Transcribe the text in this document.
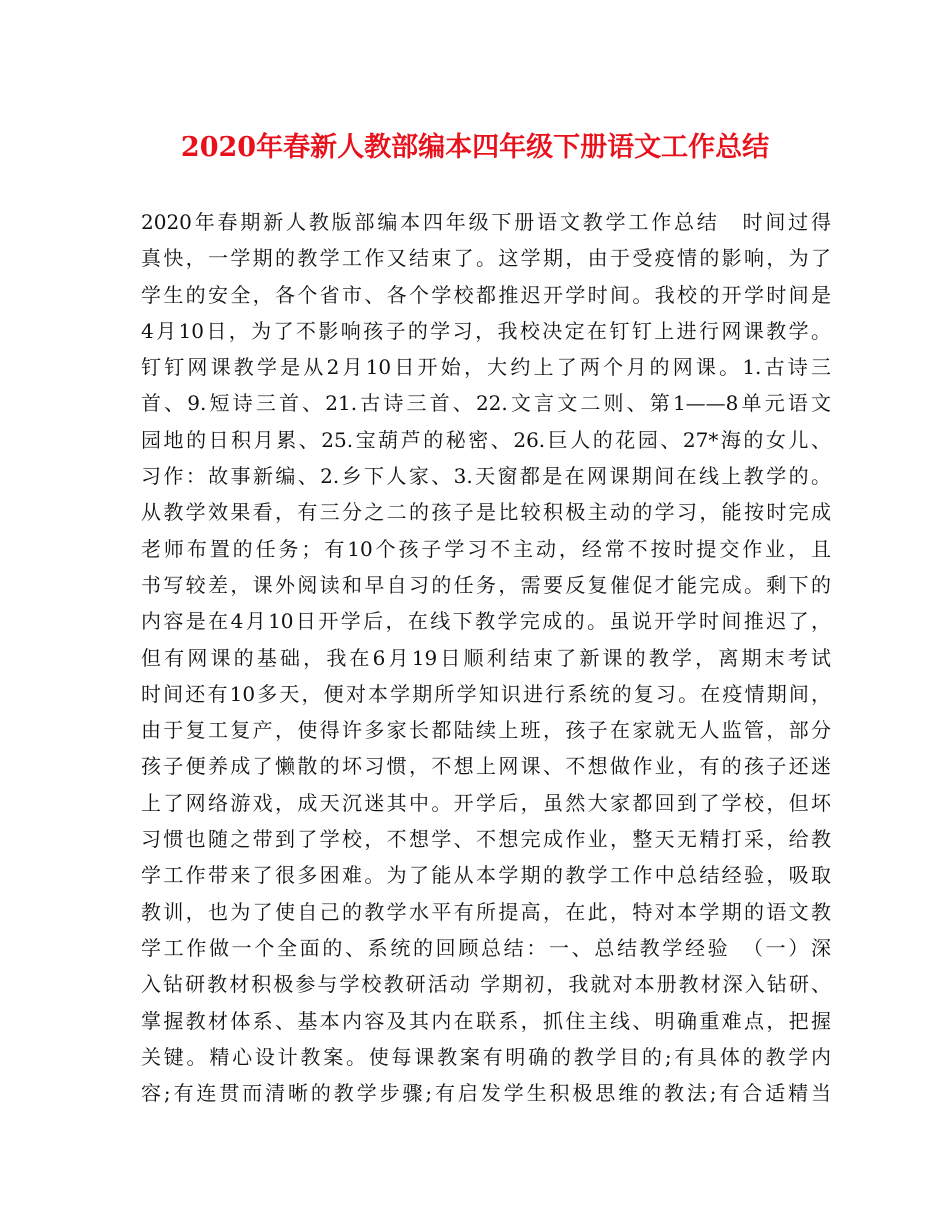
2020年春新人教部编本四年级下册语文工作总结
2020年春期新人教版部编本四年级下册语文教学工作总结　时间过得
真快，一学期的教学工作又结束了。这学期，由于受疫情的影响，为了
学生的安全，各个省市、各个学校都推迟开学时间。我校的开学时间是
4月10日，为了不影响孩子的学习，我校决定在钉钉上进行网课教学。
钉钉网课教学是从2月10日开始，大约上了两个月的网课。1.古诗三
首、9.短诗三首、21.古诗三首、22.文言文二则、第1——8单元语文
园地的日积月累、25.宝葫芦的秘密、26.巨人的花园、27*海的女儿、
习作：故事新编、2.乡下人家、3.天窗都是在网课期间在线上教学的。
从教学效果看，有三分之二的孩子是比较积极主动的学习，能按时完成
老师布置的任务；有10个孩子学习不主动，经常不按时提交作业，且
书写较差，课外阅读和早自习的任务，需要反复催促才能完成。剩下的
内容是在4月10日开学后，在线下教学完成的。虽说开学时间推迟了，
但有网课的基础，我在6月19日顺利结束了新课的教学，离期末考试
时间还有10多天，便对本学期所学知识进行系统的复习。在疫情期间，
由于复工复产，使得许多家长都陆续上班，孩子在家就无人监管，部分
孩子便养成了懒散的坏习惯，不想上网课、不想做作业，有的孩子还迷
上了网络游戏，成天沉迷其中。开学后，虽然大家都回到了学校，但坏
习惯也随之带到了学校，不想学、不想完成作业，整天无精打采，给教
学工作带来了很多困难。为了能从本学期的教学工作中总结经验，吸取
教训，也为了使自己的教学水平有所提高，在此，特对本学期的语文教
学工作做一个全面的、系统的回顾总结：一、总结教学经验　（一）深
入钻研教材积极参与学校教研活动 学期初，我就对本册教材深入钻研、
掌握教材体系、基本内容及其内在联系，抓住主线、明确重难点，把握
关键。精心设计教案。使每课教案有明确的教学目的;有具体的教学内
容;有连贯而清晰的教学步骤;有启发学生积极思维的教法;有合适精当
